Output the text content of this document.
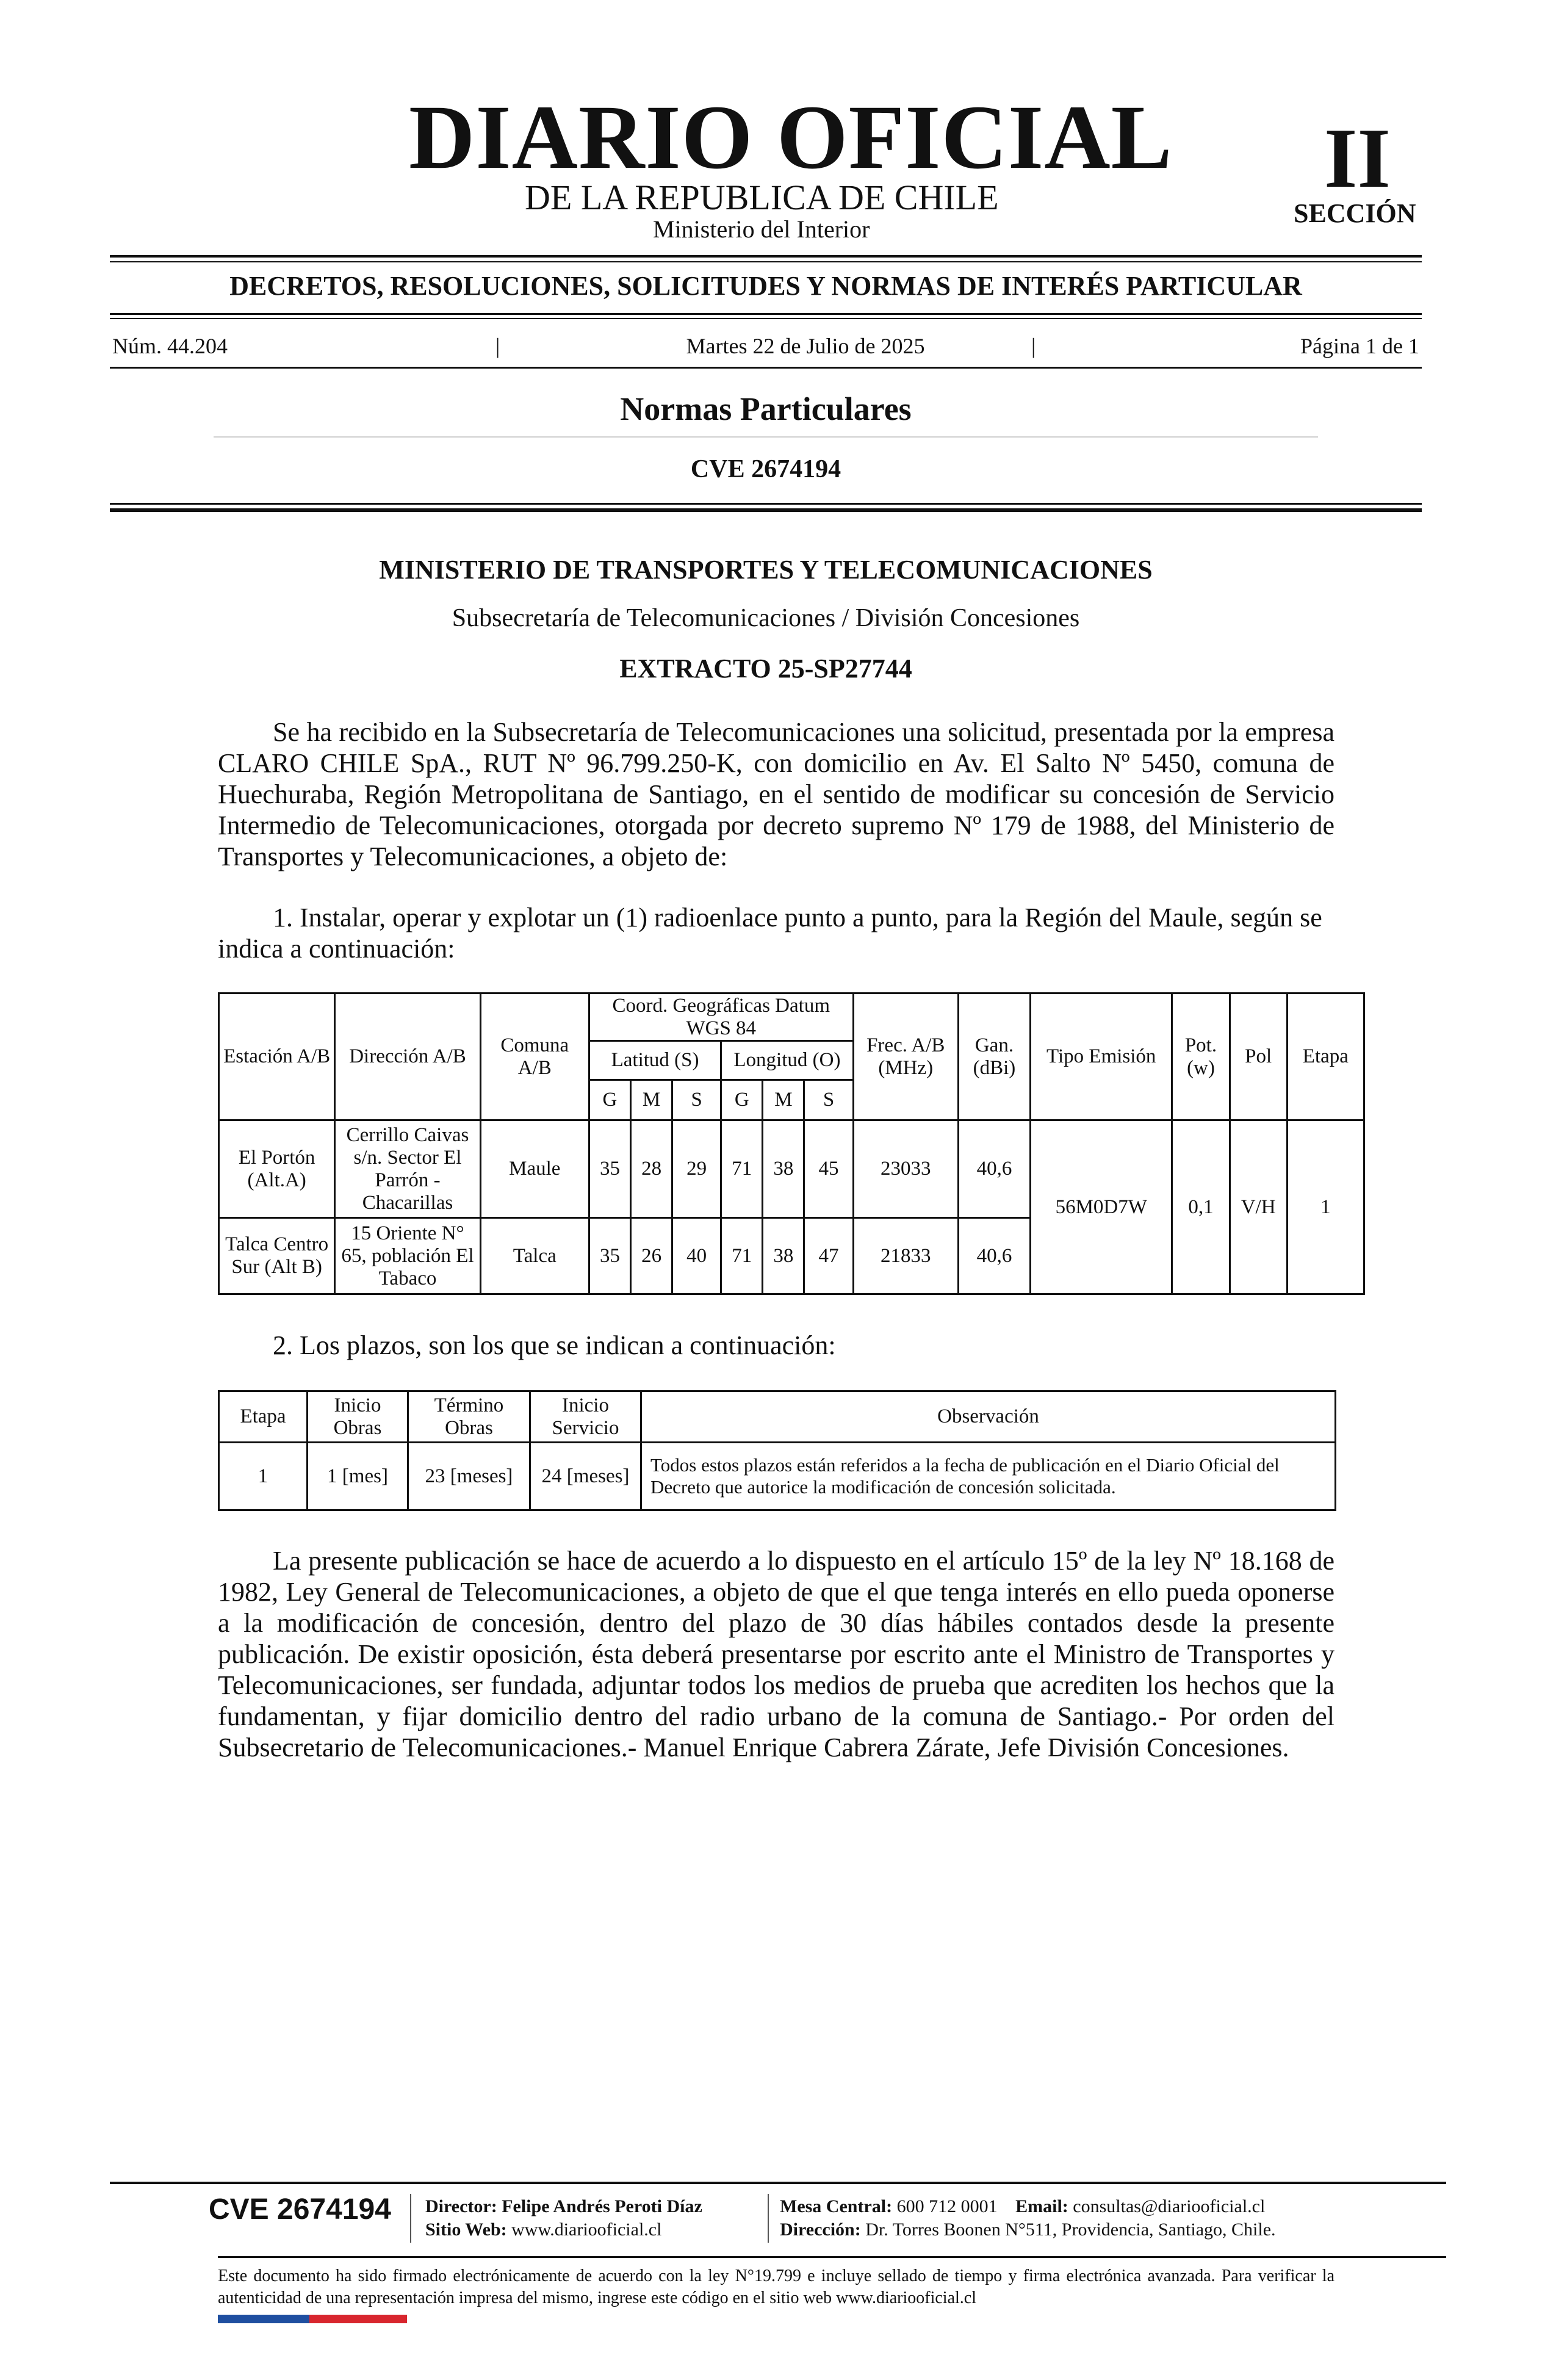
DIARIO OFICIAL
DE LA REPUBLICA DE CHILE
Ministerio del Interior
II
SECCIÓN
DECRETOS, RESOLUCIONES, SOLICITUDES Y NORMAS DE INTERÉS PARTICULAR
Núm. 44.204	|	Martes 22 de Julio de 2025	|	Página 1 de 1
Normas Particulares
CVE 2674194
MINISTERIO DE TRANSPORTES Y TELECOMUNICACIONES
Subsecretaría de Telecomunicaciones / División Concesiones
EXTRACTO 25-SP27744

Se ha recibido en la Subsecretaría de Telecomunicaciones una solicitud, presentada por la empresa CLARO CHILE SpA., RUT Nº 96.799.250-K, con domicilio en Av. El Salto Nº 5450, comuna de Huechuraba, Región Metropolitana de Santiago, en el sentido de modificar su concesión de Servicio Intermedio de Telecomunicaciones, otorgada por decreto supremo Nº 179 de 1988, del Ministerio de Transportes y Telecomunicaciones, a objeto de:

1. Instalar, operar y explotar un (1) radioenlace punto a punto, para la Región del Maule, según se indica a continuación:

Estación A/B	Dirección A/B	Comuna A/B	Coord. Geográficas Datum WGS 84						Frec. A/B (MHz)	Gan. (dBi)	Tipo Emisión	Pot. (w)	Pol	Etapa
			Latitud (S)			Longitud (O)								
			G	M	S	G	M	S						
El Portón (Alt.A)	Cerrillo Caivas s/n. Sector El Parrón - Chacarillas	Maule	35	28	29	71	38	45	23033	40,6	56M0D7W	0,1	V/H	1
Talca Centro Sur (Alt B)	15 Oriente N° 65, población El Tabaco	Talca	35	26	40	71	38	47	21833	40,6				

2. Los plazos, son los que se indican a continuación:

Etapa	Inicio Obras	Término Obras	Inicio Servicio	Observación
1	1 [mes]	23 [meses]	24 [meses]	Todos estos plazos están referidos a la fecha de publicación en el Diario Oficial del Decreto que autorice la modificación de concesión solicitada.

La presente publicación se hace de acuerdo a lo dispuesto en el artículo 15º de la ley Nº 18.168 de 1982, Ley General de Telecomunicaciones, a objeto de que el que tenga interés en ello pueda oponerse a la modificación de concesión, dentro del plazo de 30 días hábiles contados desde la presente publicación. De existir oposición, ésta deberá presentarse por escrito ante el Ministro de Transportes y Telecomunicaciones, ser fundada, adjuntar todos los medios de prueba que acrediten los hechos que la fundamentan, y fijar domicilio dentro del radio urbano de la comuna de Santiago.- Por orden del Subsecretario de Telecomunicaciones.- Manuel Enrique Cabrera Zárate, Jefe División Concesiones.

CVE 2674194 Director: Felipe Andrés Peroti Díaz
Sitio Web: www.diariooficial.cl
Mesa Central: 600 712 0001 Email: consultas@diariooficial.cl
Dirección: Dr. Torres Boonen N°511, Providencia, Santiago, Chile.

Este documento ha sido firmado electrónicamente de acuerdo con la ley N°19.799 e incluye sellado de tiempo y firma electrónica avanzada. Para verificar la autenticidad de una representación impresa del mismo, ingrese este código en el sitio web www.diariooficial.cl
